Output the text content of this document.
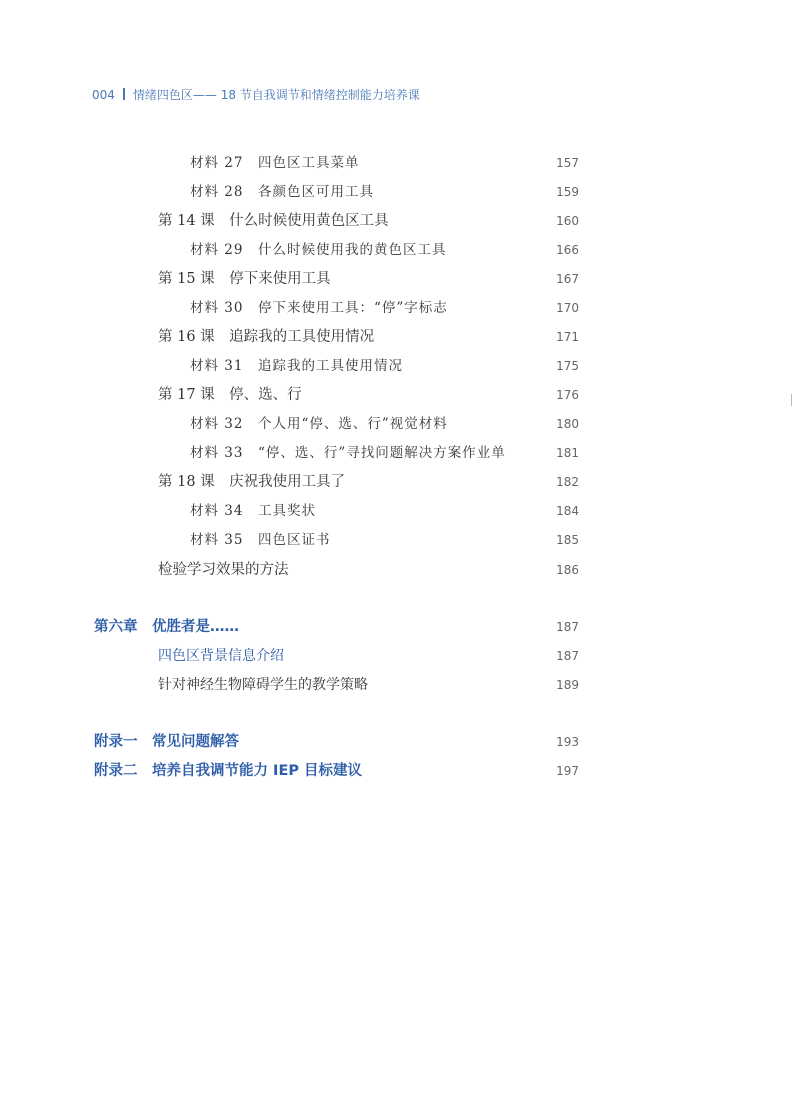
004 情绪四色区—— 18 节自我调节和情绪控制能力培养课
材料 27　四色区工具菜单	157
材料 28　各颜色区可用工具	159
第 14 课　什么时候使用黄色区工具	160
材料 29　什么时候使用我的黄色区工具	166
第 15 课　停下来使用工具	167
材料 30　停下来使用工具：“停”字标志	170
第 16 课　追踪我的工具使用情况	171
材料 31　追踪我的工具使用情况	175
第 17 课　停、选、行	176
材料 32　个人用“停、选、行”视觉材料	180
材料 33　“停、选、行”寻找问题解决方案作业单	181
第 18 课　庆祝我使用工具了	182
材料 34　工具奖状	184
材料 35　四色区证书	185
检验学习效果的方法	186
第六章　优胜者是……	187
四色区背景信息介绍	187
针对神经生物障碍学生的教学策略	189
附录一　常见问题解答	193
附录二　培养自我调节能力 IEP 目标建议	197
